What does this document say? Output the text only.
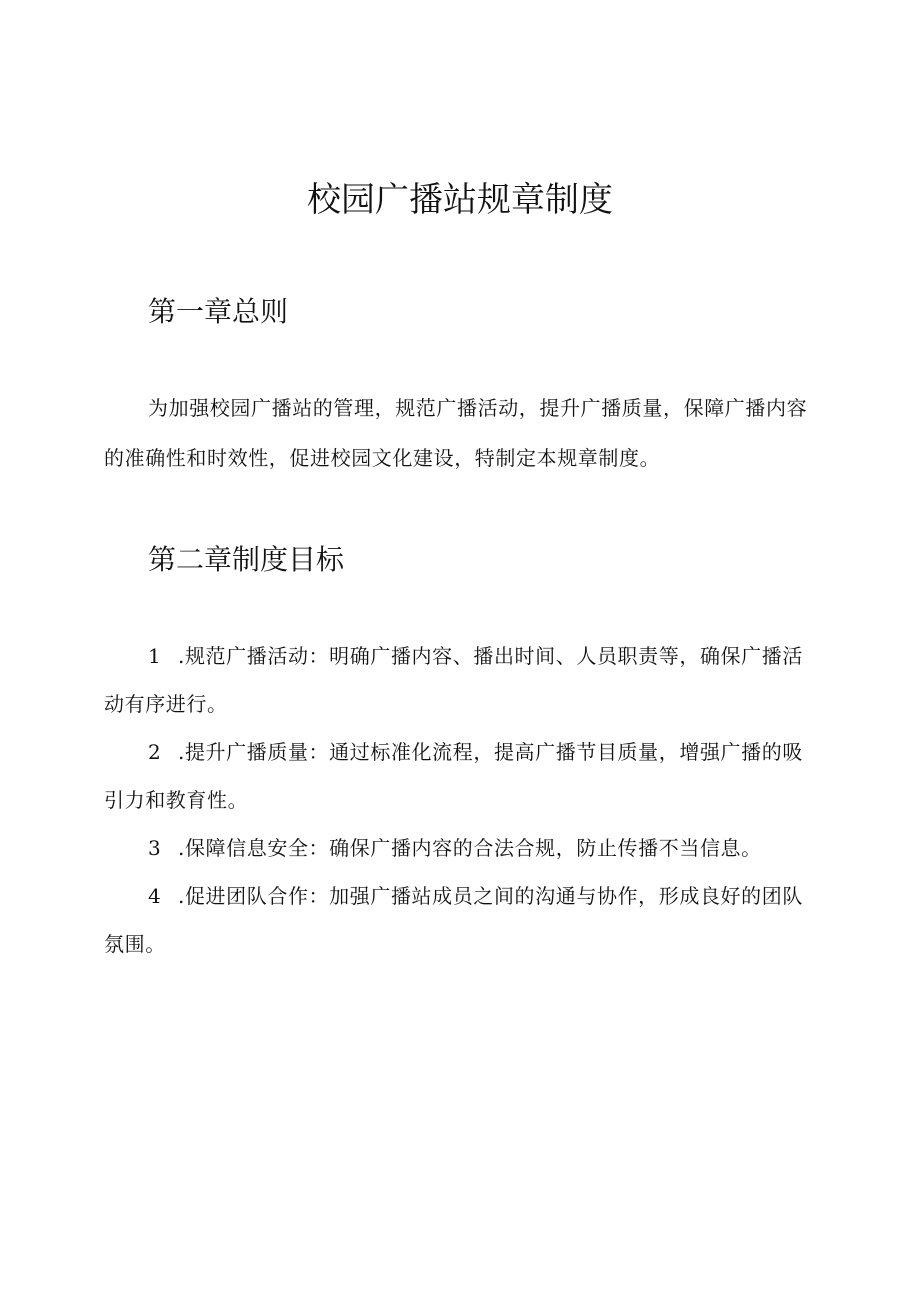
校园广播站规章制度
第一章总则

为加强校园广播站的管理，规范广播活动，提升广播质量，保障广播内容的准确性和时效性，促进校园文化建设，特制定本规章制度。

第二章制度目标

1 .规范广播活动：明确广播内容、播出时间、人员职责等，确保广播活动有序进行。

2 .提升广播质量：通过标准化流程，提高广播节目质量，增强广播的吸引力和教育性。

3 .保障信息安全：确保广播内容的合法合规，防止传播不当信息。

4 .促进团队合作：加强广播站成员之间的沟通与协作，形成良好的团队氛围。
